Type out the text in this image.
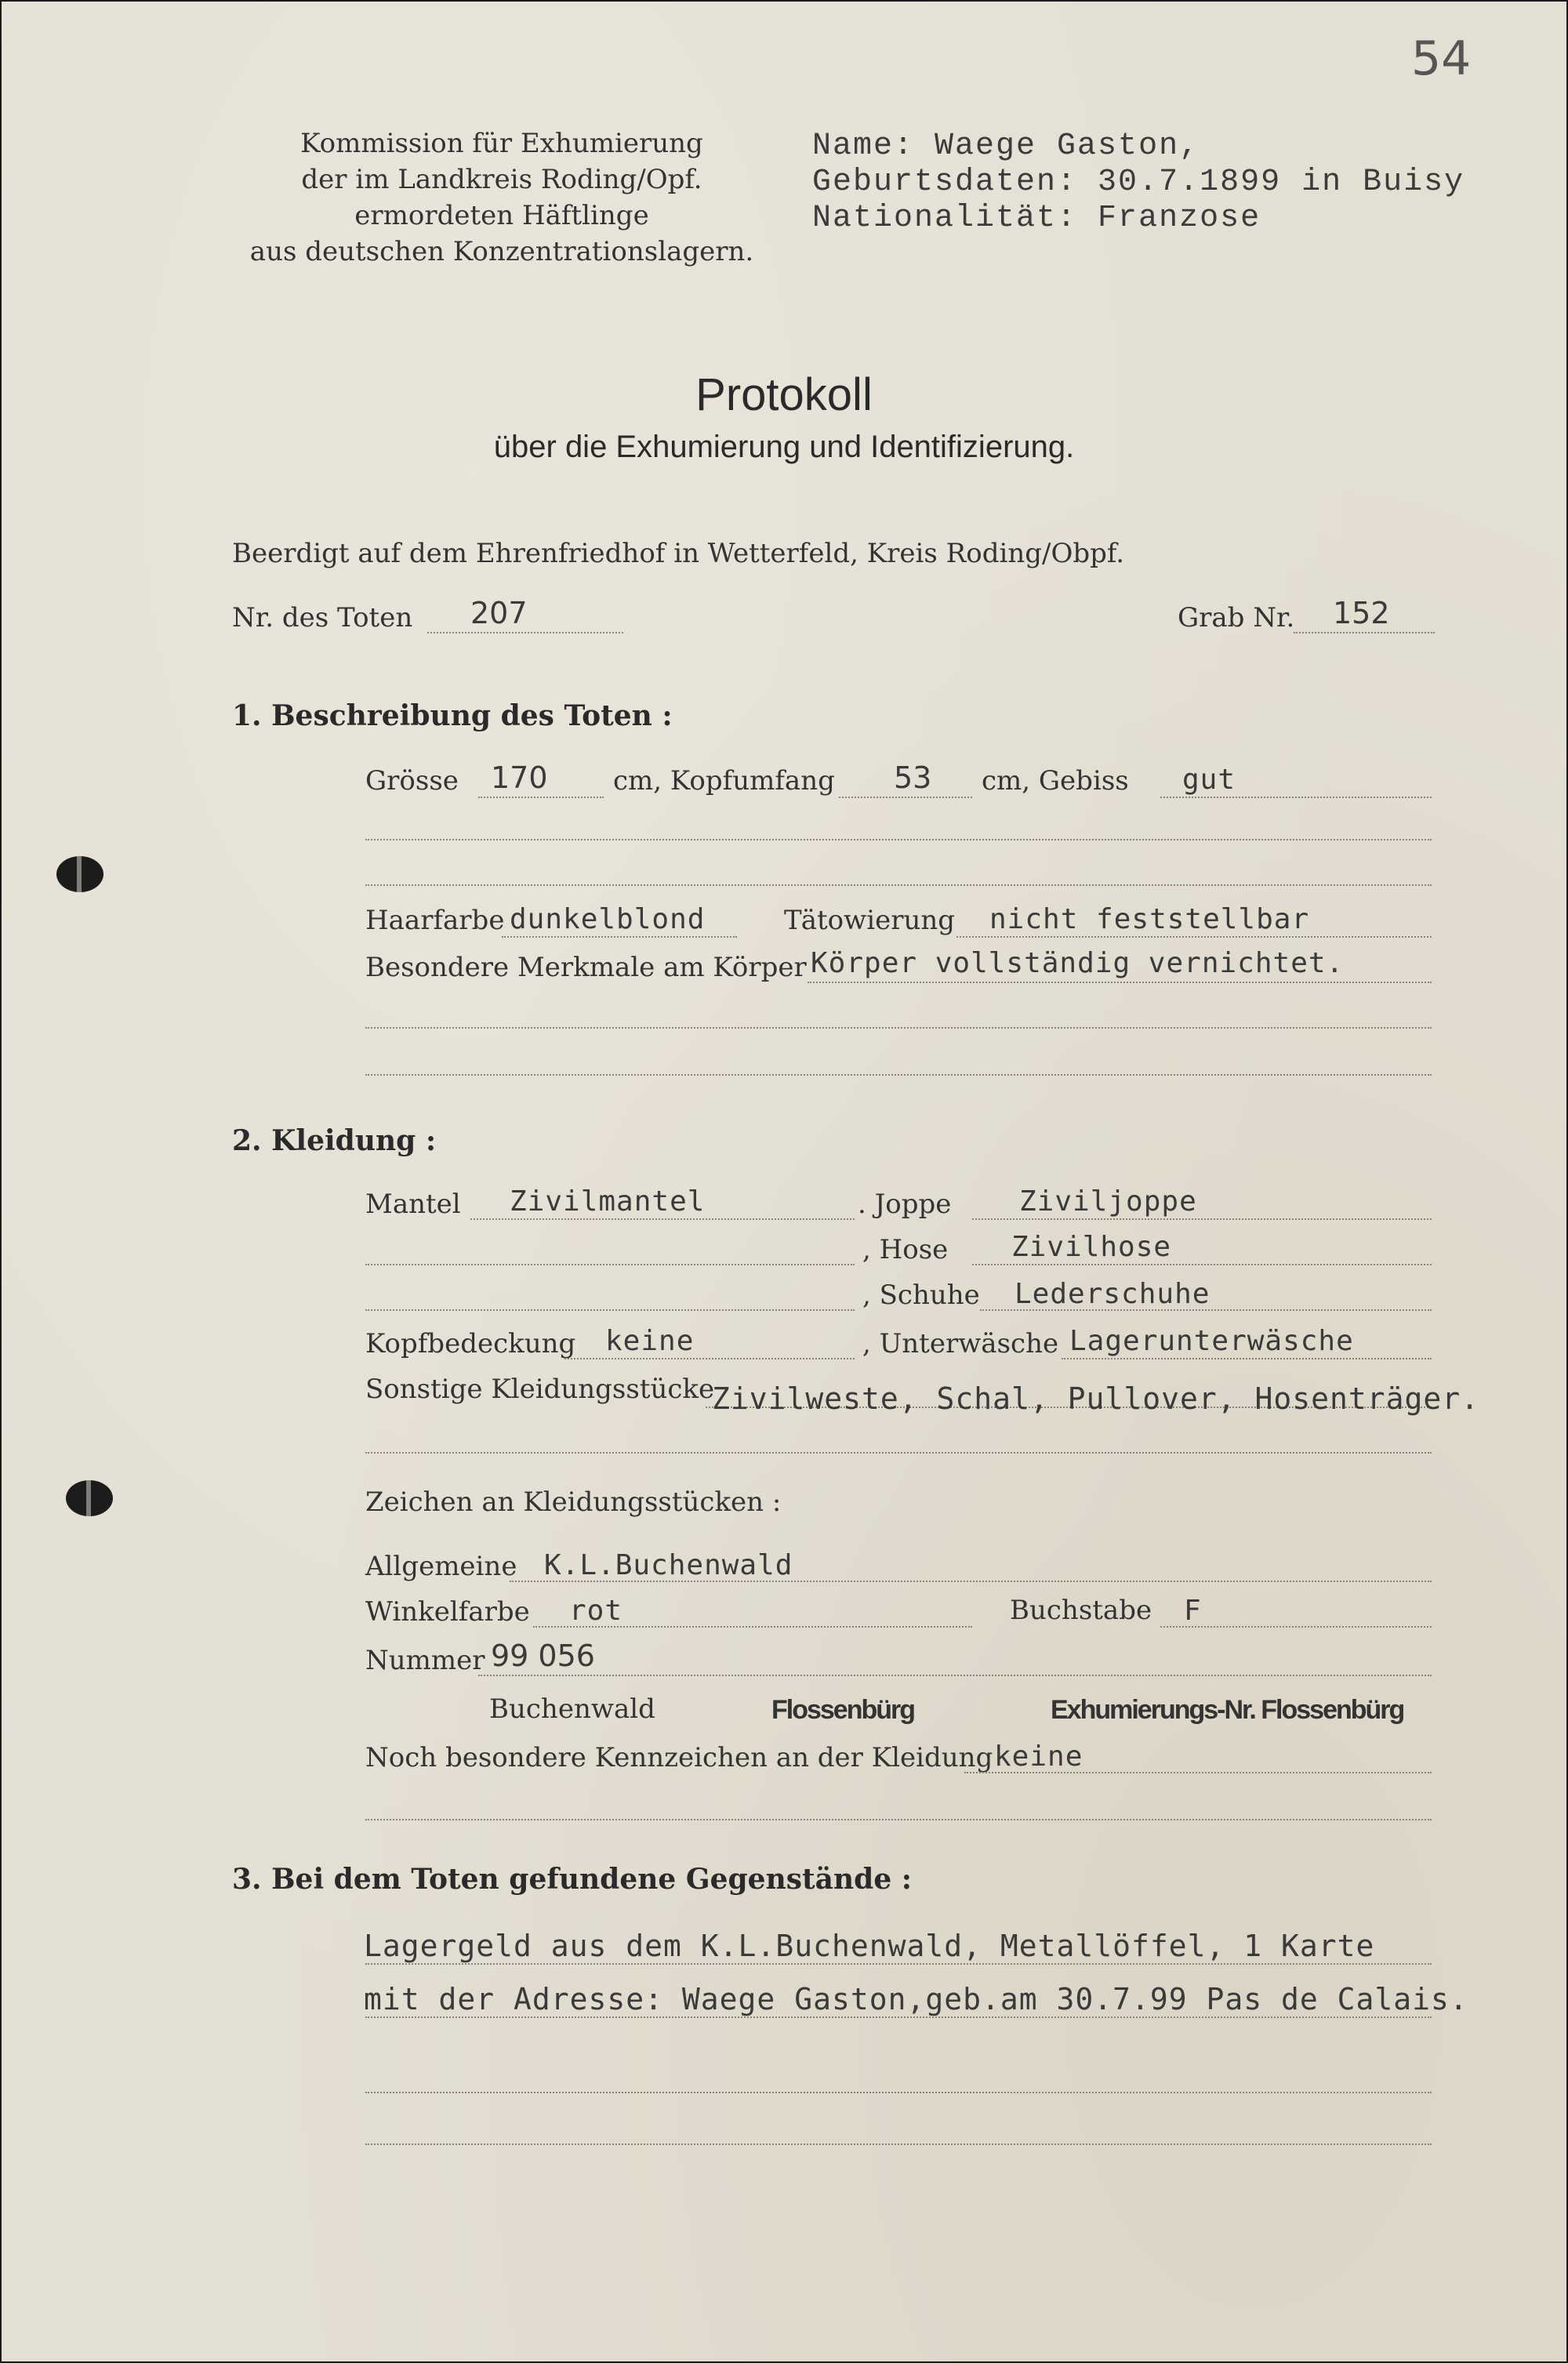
54
Kommission für Exhumierung
der im Landkreis Roding/Opf.
ermordeten Häftlinge
aus deutschen Konzentrationslagern.
Name: Waege Gaston,
Geburtsdaten: 30.7.1899 in Buisy
Nationalität: Franzose
Protokoll
über die Exhumierung und Identifizierung.
Beerdigt auf dem Ehrenfriedhof in Wetterfeld, Kreis Roding/Obpf.
Nr. des Toten 207	Grab Nr. 152
1. Beschreibung des Toten :
Grösse 170 cm, Kopfumfang 53 cm, Gebiss gut
Haarfarbe dunkelblond	Tätowierung nicht feststellbar
Besondere Merkmale am Körper Körper vollständig vernichtet.
2. Kleidung :
Mantel Zivilmantel	. Joppe Ziviljoppe
, Hose Zivilhose
, Schuhe Lederschuhe
Kopfbedeckung keine	, Unterwäsche Lagerunterwäsche
Sonstige Kleidungsstücke
Zivilweste, Schal, Pullover, Hosenträger.
Zeichen an Kleidungsstücken :
Allgemeine K.L.Buchenwald
Winkelfarbe rot	Buchstabe F
Nummer 99 056
Buchenwald	Flossenbürg	Exhumierungs-Nr. Flossenbürg
Noch besondere Kennzeichen an der Kleidung keine
3. Bei dem Toten gefundene Gegenstände :
Lagergeld aus dem K.L.Buchenwald, Metallöffel, 1 Karte
mit der Adresse: Waege Gaston,geb.am 30.7.99 Pas de Calais.
